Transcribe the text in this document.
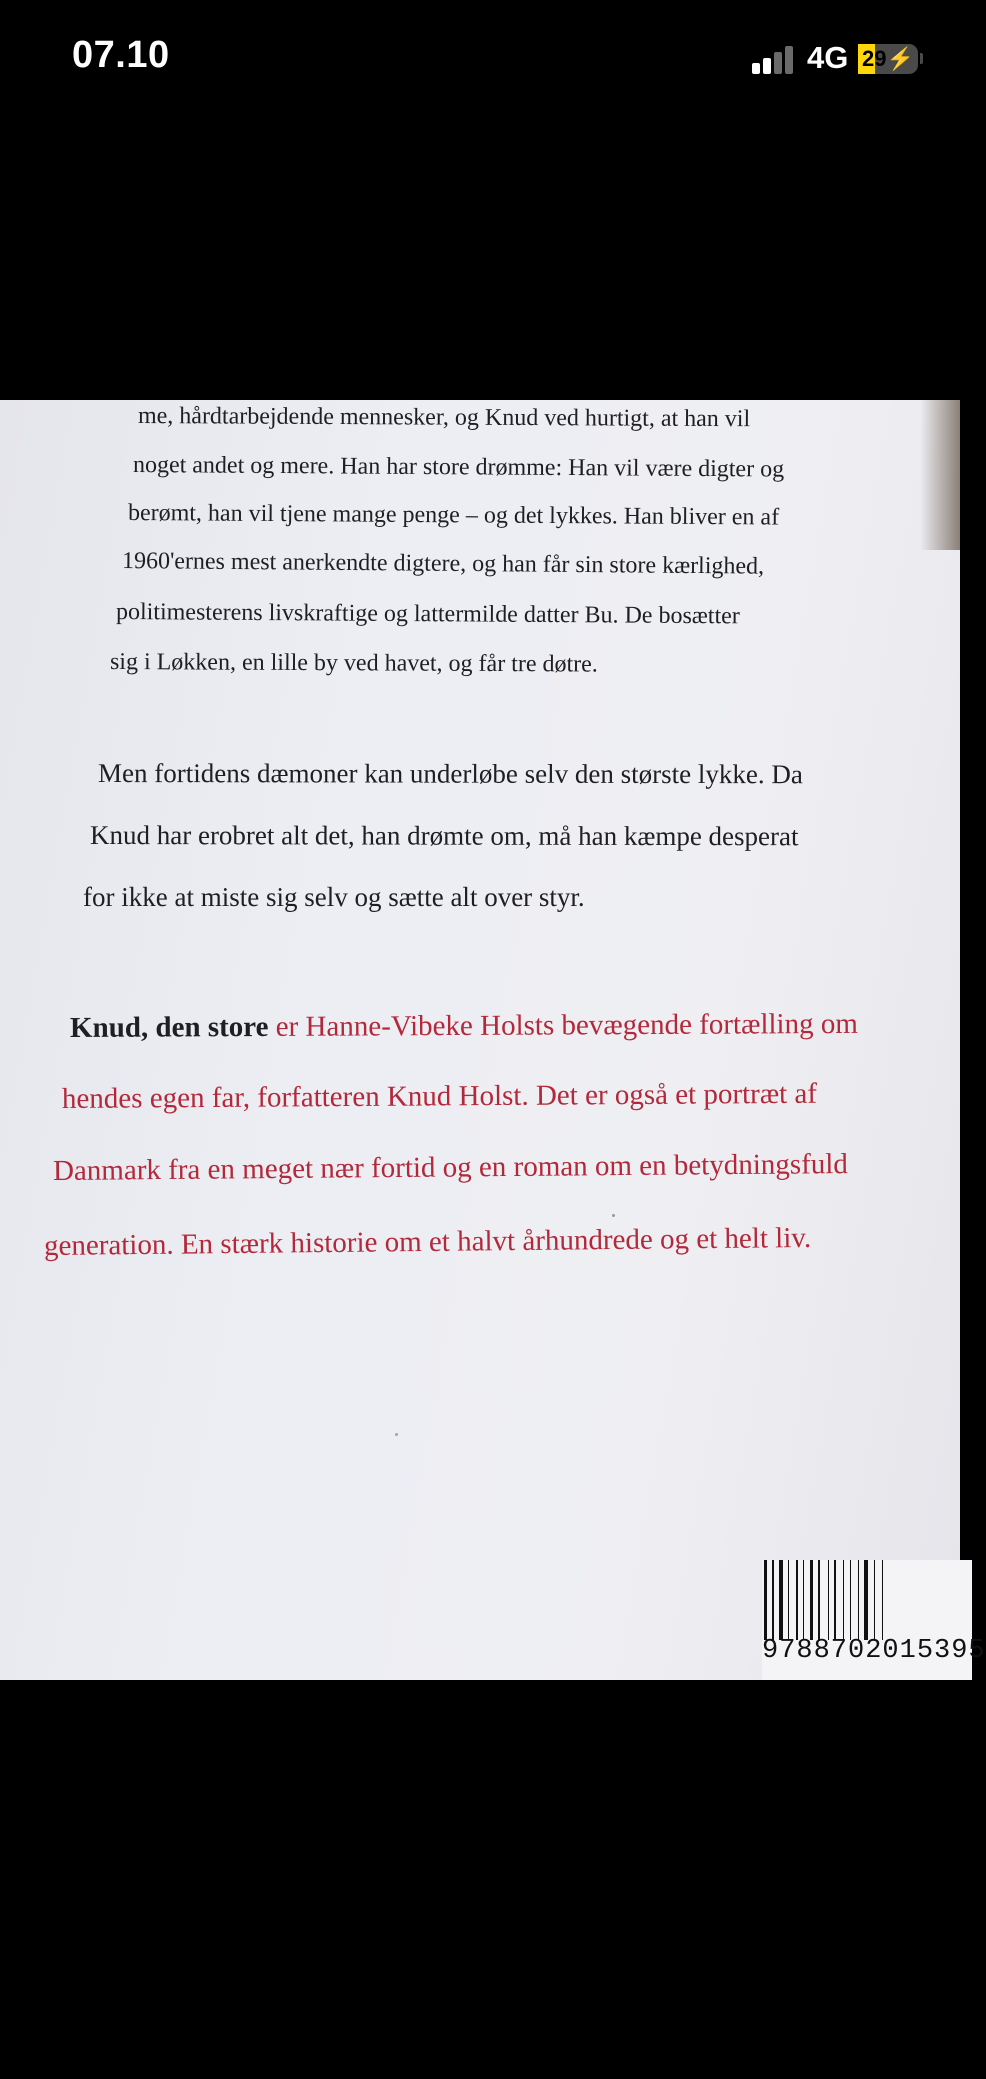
07.10	4G 29⚡
me, hårdtarbejdende mennesker, og Knud ved hurtigt, at han vil
noget andet og mere. Han har store drømme: Han vil være digter og
berømt, han vil tjene mange penge – og det lykkes. Han bliver en af
1960'ernes mest anerkendte digtere, og han får sin store kærlighed,
politimesterens livskraftige og lattermilde datter Bu. De bosætter
sig i Løkken, en lille by ved havet, og får tre døtre.
Men fortidens dæmoner kan underløbe selv den største lykke. Da
Knud har erobret alt det, han drømte om, må han kæmpe desperat
for ikke at miste sig selv og sætte alt over styr.
Knud, den store er Hanne-Vibeke Holsts bevægende fortælling om
hendes egen far, forfatteren Knud Holst. Det er også et portræt af
Danmark fra en meget nær fortid og en roman om en betydningsfuld
generation. En stærk historie om et halvt århundrede og et helt liv.
9788702015395
